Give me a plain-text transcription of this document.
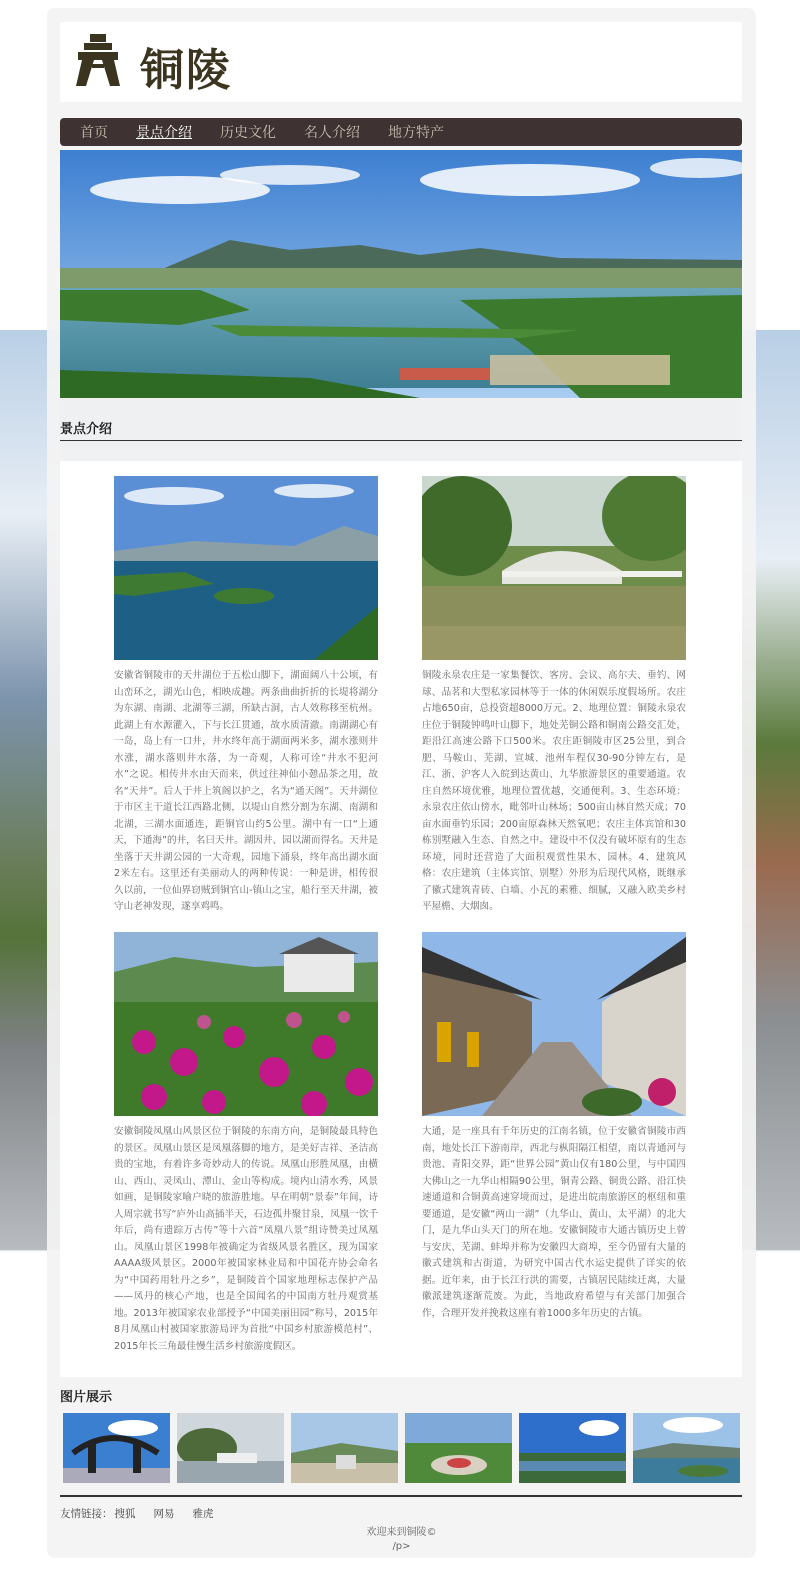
铜陵
首页 景点介绍 历史文化 名人介绍 地方特产
景点介绍

安徽省铜陵市的天井湖位于五松山脚下，湖面阔八十公顷，有山峦环之，湖光山色，相映成趣。两条曲曲折折的长堤将湖分为东湖、南湖、北湖等三湖，所缺古洞，古人效称移至杭州。此湖上有水源灌入，下与长江贯通，故水质清澈。南湖湖心有一岛，岛上有一口井，井水终年高于湖面两米多，湖水涨则井水涨，湖水落则井水落，为一奇观，人称可诠“井水不犯河水”之说。相传井水由天而来，供过往神仙小憩品茶之用，故名“天井”。后人于井上筑阁以护之，名为“通天阁”。天井湖位于市区主干道长江西路北侧，以堤山自然分割为东湖、南湖和北湖，三湖水面通连，距铜官山约5公里。湖中有一口“上通天，下通海”的井，名曰天井。湖因井、园以湖而得名。天井是坐落于天井湖公园的一大奇观，园地下涌泉，终年高出湖水面2米左右。这里还有美丽动人的两种传说：一种是讲，相传很久以前，一位仙界窃贼到铜官山-镇山之宝，船行至天井湖，被守山老神发现，遂享鸡鸣。

铜陵永泉农庄是一家集餐饮、客房、会议、高尔夫、垂钓、网球、品茗和大型私家园林等于一体的休闲娱乐度假场所。农庄占地650亩，总投资超8000万元。2、地理位置：铜陵永泉农庄位于铜陵钟鸣叶山脚下，地处芜铜公路和铜南公路交汇处，距沿江高速公路下口500米。农庄距铜陵市区25公里，到合肥、马鞍山、芜湖、宣城、池州车程仅30-90分钟左右，是江、浙、沪客人入皖到达黄山、九华旅游景区的重要通道。农庄自然环境优雅，地理位置优越，交通便利。3、生态环境：永泉农庄依山傍水，毗邻叶山林场；500亩山林自然天成；70亩水面垂钓乐园；200亩原森林天然氧吧；农庄主体宾馆和30栋别墅融入生态、自然之中。建设中不仅没有破坏原有的生态环境，同时还营造了大面积观赏性果木、园林。4、建筑风格：农庄建筑（主体宾馆、别墅）外形为后现代风格，既继承了徽式建筑青砖、白墙、小瓦的素雅、细腻，又融入欧美乡村平屋檐、大烟囱。

安徽铜陵凤凰山风景区位于铜陵的东南方向，是铜陵最具特色的景区。凤凰山景区是凤凰落脚的地方，是美好吉祥、圣洁高贵的宝地，有着许多奇妙动人的传说。凤凰山形胜凤凰，由横山、西山、灵凤山、潭山、金山等构成。境内山清水秀，风景如画，是铜陵家喻户晓的旅游胜地。早在明朝“景泰”年间，诗人周宗就书写“庐外山高插半天，石边孤井聚甘泉，凤凰一饮千年后，尚有遗踪万古传”等十六首“凤凰八景”组诗赞美过凤凰山。凤凰山景区1998年被确定为省级风景名胜区，现为国家AAAA级风景区。2000年被国家林业局和中国花卉协会命名为“中国药用牡丹之乡”，是铜陵首个国家地理标志保护产品——凤丹的核心产地，也是全国闻名的中国南方牡丹观赏基地。2013年被国家农业部授予“中国美丽田园”称号，2015年8月凤凰山村被国家旅游局评为首批“中国乡村旅游模范村”、2015年长三角最佳慢生活乡村旅游度假区。

大通，是一座具有千年历史的江南名镇，位于安徽省铜陵市西南，地处长江下游南岸，西北与枞阳隔江相望，南以青通河与贵池、青阳交界，距“世界公园”黄山仅有180公里，与中国四大佛山之一九华山相隔90公里，铜青公路、铜贵公路、沿江快速通道和合铜黄高速穿境而过，是进出皖南旅游区的枢纽和重要通道，是安徽“两山一湖”（九华山、黄山、太平湖）的北大门，是九华山头天门的所在地。安徽铜陵市大通古镇历史上曾与安庆、芜湖、蚌埠并称为安徽四大商埠，至今仍留有大量的徽式建筑和古街道，为研究中国古代水运史提供了详实的依据。近年来，由于长江行洪的需要，古镇居民陆续迁离，大量徽派建筑逐渐荒废。为此，当地政府希望与有关部门加强合作，合理开发并挽救这座有着1000多年历史的古镇。

图片展示
友情链接： 搜狐 网易 雅虎
欢迎来到铜陵©
/p>
